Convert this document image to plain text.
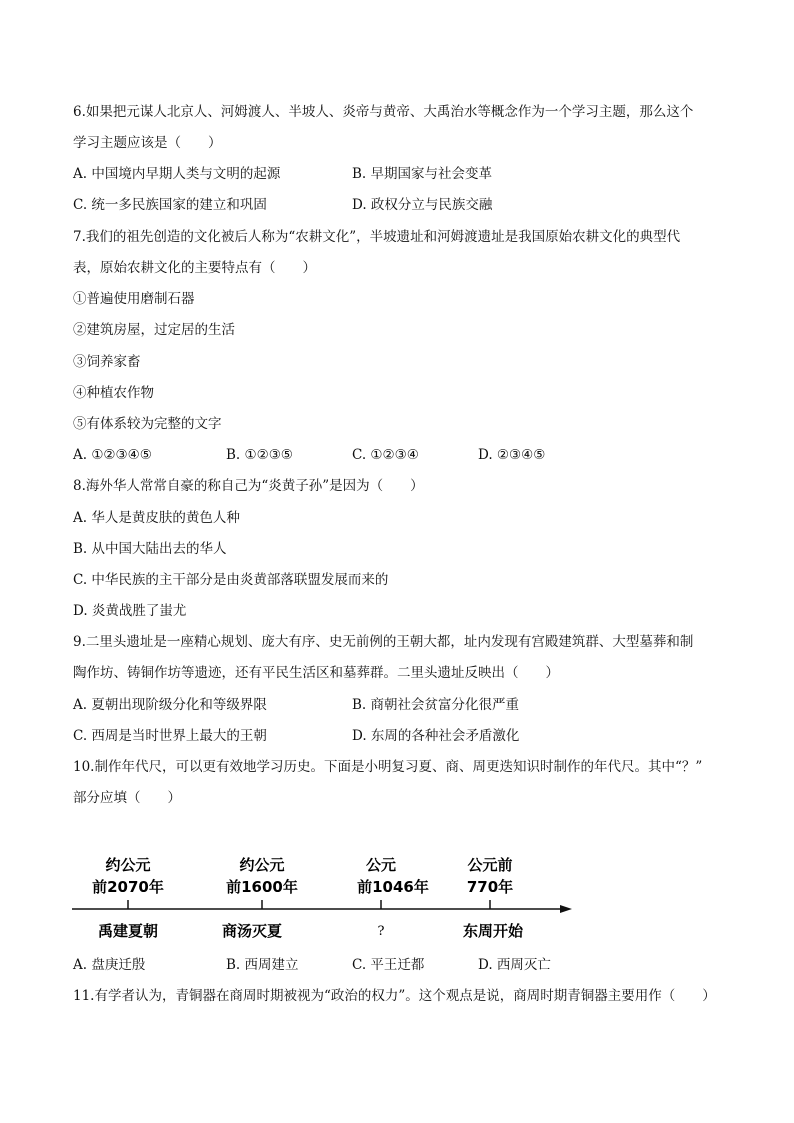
6.如果把元谋人北京人、河姆渡人、半坡人、炎帝与黄帝、大禹治水等概念作为一个学习主题，那么这个
学习主题应该是（　　）
A. 中国境内早期人类与文明的起源	B. 早期国家与社会变革
C. 统一多民族国家的建立和巩固	D. 政权分立与民族交融
7.我们的祖先创造的文化被后人称为“农耕文化”，半坡遗址和河姆渡遗址是我国原始农耕文化的典型代
表，原始农耕文化的主要特点有（　　）
①普遍使用磨制石器
②建筑房屋，过定居的生活
③饲养家畜
④种植农作物
⑤有体系较为完整的文字
A. ①②③④⑤	B. ①②③⑤	C. ①②③④	D. ②③④⑤
8.海外华人常常自豪的称自己为“炎黄子孙”是因为（　　）
A. 华人是黄皮肤的黄色人种
B. 从中国大陆出去的华人
C. 中华民族的主干部分是由炎黄部落联盟发展而来的
D. 炎黄战胜了蚩尤
9.二里头遗址是一座精心规划、庞大有序、史无前例的王朝大都，址内发现有宫殿建筑群、大型墓葬和制
陶作坊、铸铜作坊等遗迹，还有平民生活区和墓葬群。二里头遗址反映出（　　）
A. 夏朝出现阶级分化和等级界限	B. 商朝社会贫富分化很严重
C. 西周是当时世界上最大的王朝	D. 东周的各种社会矛盾激化
10.制作年代尺，可以更有效地学习历史。下面是小明复习夏、商、周更迭知识时制作的年代尺。其中“？”
部分应填（　　）
约公元
前2070年
禹建夏朝
约公元
前1600年
商汤灭夏
公元
前1046年
?
公元前
770年
东周开始
A. 盘庚迁殷	B. 西周建立	C. 平王迁都	D. 西周灭亡
11.有学者认为，青铜器在商周时期被视为“政治的权力”。这个观点是说，商周时期青铜器主要用作（　　）
